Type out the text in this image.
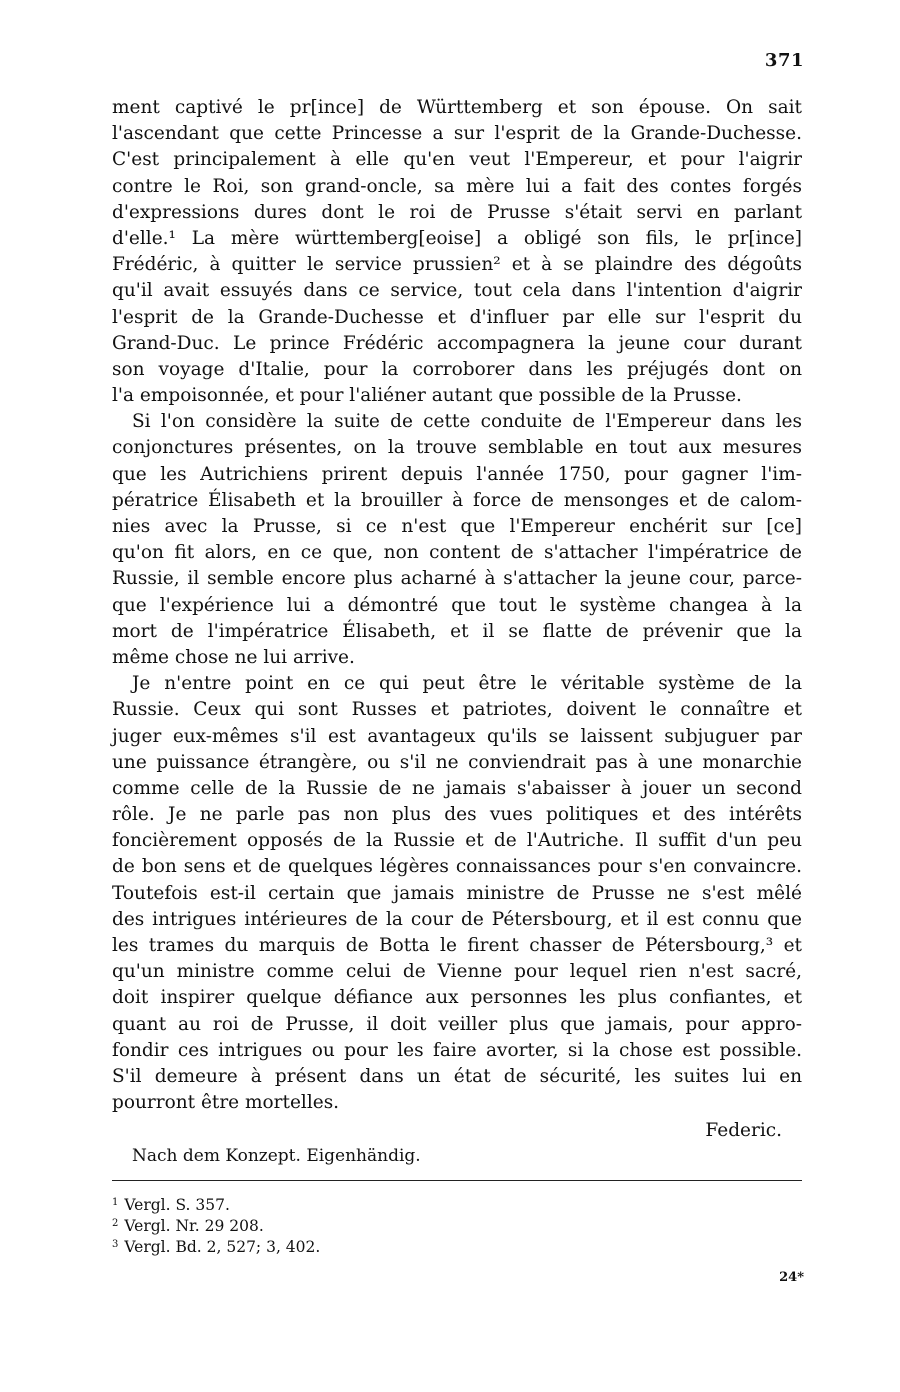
371
ment captivé le pr[ince] de Württemberg et son épouse. On sait
l'ascendant que cette Princesse a sur l'esprit de la Grande-Duchesse.
C'est principalement à elle qu'en veut l'Empereur, et pour l'aigrir
contre le Roi, son grand-oncle, sa mère lui a fait des contes forgés
d'expressions dures dont le roi de Prusse s'était servi en parlant
d'elle.¹ La mère württemberg[eoise] a obligé son fils, le pr[ince]
Frédéric, à quitter le service prussien² et à se plaindre des dégoûts
qu'il avait essuyés dans ce service, tout cela dans l'intention d'aigrir
l'esprit de la Grande-Duchesse et d'influer par elle sur l'esprit du
Grand-Duc. Le prince Frédéric accompagnera la jeune cour durant
son voyage d'Italie, pour la corroborer dans les préjugés dont on
l'a empoisonnée, et pour l'aliéner autant que possible de la Prusse.
Si l'on considère la suite de cette conduite de l'Empereur dans les
conjonctures présentes, on la trouve semblable en tout aux mesures
que les Autrichiens prirent depuis l'année 1750, pour gagner l'im-
pératrice Élisabeth et la brouiller à force de mensonges et de calom-
nies avec la Prusse, si ce n'est que l'Empereur enchérit sur [ce]
qu'on fit alors, en ce que, non content de s'attacher l'impératrice de
Russie, il semble encore plus acharné à s'attacher la jeune cour, parce-
que l'expérience lui a démontré que tout le système changea à la
mort de l'impératrice Élisabeth, et il se flatte de prévenir que la
même chose ne lui arrive.
Je n'entre point en ce qui peut être le véritable système de la
Russie. Ceux qui sont Russes et patriotes, doivent le connaître et
juger eux-mêmes s'il est avantageux qu'ils se laissent subjuguer par
une puissance étrangère, ou s'il ne conviendrait pas à une monarchie
comme celle de la Russie de ne jamais s'abaisser à jouer un second
rôle. Je ne parle pas non plus des vues politiques et des intérêts
foncièrement opposés de la Russie et de l'Autriche. Il suffit d'un peu
de bon sens et de quelques légères connaissances pour s'en convaincre.
Toutefois est-il certain que jamais ministre de Prusse ne s'est mêlé
des intrigues intérieures de la cour de Pétersbourg, et il est connu que
les trames du marquis de Botta le firent chasser de Pétersbourg,³ et
qu'un ministre comme celui de Vienne pour lequel rien n'est sacré,
doit inspirer quelque défiance aux personnes les plus confiantes, et
quant au roi de Prusse, il doit veiller plus que jamais, pour appro-
fondir ces intrigues ou pour les faire avorter, si la chose est possible.
S'il demeure à présent dans un état de sécurité, les suites lui en
pourront être mortelles.
Federic.
Nach dem Konzept. Eigenhändig.
$^1$ Vergl. S. 357.
$^2$ Vergl. Nr. 29 208.
$^3$ Vergl. Bd. 2, 527; 3, 402.
24*
